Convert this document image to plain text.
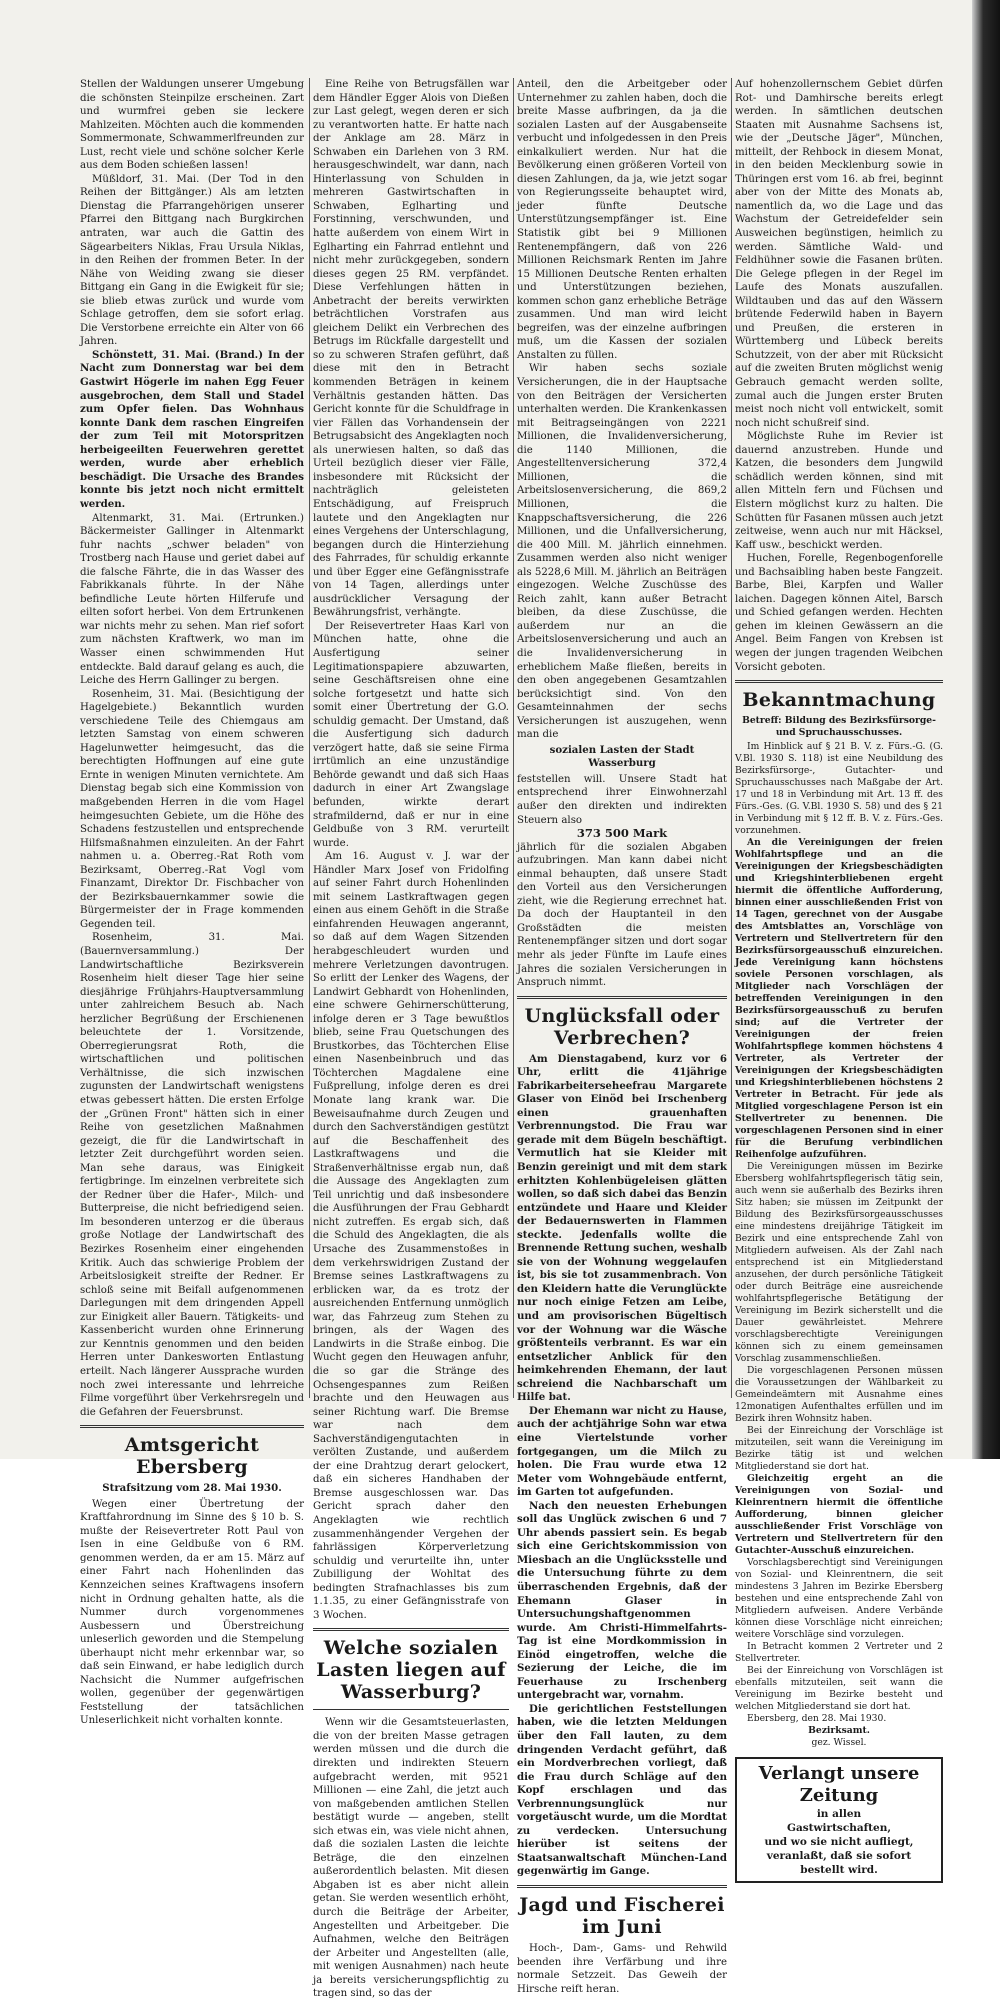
Stellen der Waldungen unserer Umgebung die schönsten Steinpilze erscheinen. Zart und wurmfrei geben sie leckere Mahlzeiten. Möchten auch die kommenden Sommermonate, Schwammerlfreunden zur Lust, recht viele und schöne solcher Kerle aus dem Boden schießen lassen!

Müßldorf, 31. Mai. (Der Tod in den Reihen der Bittgänger.) Als am letzten Dienstag die Pfarrangehörigen unserer Pfarrei den Bittgang nach Burgkirchen antraten, war auch die Gattin des Sägearbeiters Niklas, Frau Ursula Niklas, in den Reihen der frommen Beter. In der Nähe von Weiding zwang sie dieser Bittgang ein Gang in die Ewigkeit für sie; sie blieb etwas zurück und wurde vom Schlage getroffen, dem sie sofort erlag. Die Verstorbene erreichte ein Alter von 66 Jahren.

Schönstett, 31. Mai. (Brand.) In der Nacht zum Donnerstag war bei dem Gastwirt Högerle im nahen Egg Feuer ausgebrochen, dem Stall und Stadel zum Opfer fielen. Das Wohnhaus konnte Dank dem raschen Eingreifen der zum Teil mit Motorspritzen herbeigeeilten Feuerwehren gerettet werden, wurde aber erheblich beschädigt. Die Ursache des Brandes konnte bis jetzt noch nicht ermittelt werden.

Altenmarkt, 31. Mai. (Ertrunken.) Bäckermeister Gallinger in Altenmarkt fuhr nachts „schwer beladen" von Trostberg nach Hause und geriet dabei auf die falsche Fährte, die in das Wasser des Fabrikkanals führte. In der Nähe befindliche Leute hörten Hilferufe und eilten sofort herbei. Von dem Ertrunkenen war nichts mehr zu sehen. Man rief sofort zum nächsten Kraftwerk, wo man im Wasser einen schwimmenden Hut entdeckte. Bald darauf gelang es auch, die Leiche des Herrn Gallinger zu bergen.

Rosenheim, 31. Mai. (Besichtigung der Hagelgebiete.) Bekanntlich wurden verschiedene Teile des Chiemgaus am letzten Samstag von einem schweren Hagelunwetter heimgesucht, das die berechtigten Hoffnungen auf eine gute Ernte in wenigen Minuten vernichtete. Am Dienstag begab sich eine Kommission von maßgebenden Herren in die vom Hagel heimgesuchten Gebiete, um die Höhe des Schadens festzustellen und entsprechende Hilfsmaßnahmen einzuleiten. An der Fahrt nahmen u. a. Oberreg.-Rat Roth vom Bezirksamt, Oberreg.-Rat Vogl vom Finanzamt, Direktor Dr. Fischbacher von der Bezirksbauernkammer sowie die Bürgermeister der in Frage kommenden Gegenden teil.

Rosenheim, 31. Mai. (Bauernversammlung.) Der Landwirtschaftliche Bezirksverein Rosenheim hielt dieser Tage hier seine diesjährige Frühjahrs-Hauptversammlung unter zahlreichem Besuch ab. Nach herzlicher Begrüßung der Erschienenen beleuchtete der 1. Vorsitzende, Oberregierungsrat Roth, die wirtschaftlichen und politischen Verhältnisse, die sich inzwischen zugunsten der Landwirtschaft wenigstens etwas gebessert hätten. Die ersten Erfolge der „Grünen Front" hätten sich in einer Reihe von gesetzlichen Maßnahmen gezeigt, die für die Landwirtschaft in letzter Zeit durchgeführt worden seien. Man sehe daraus, was Einigkeit fertigbringe. Im einzelnen verbreitete sich der Redner über die Hafer-, Milch- und Butterpreise, die nicht befriedigend seien. Im besonderen unterzog er die überaus große Notlage der Landwirtschaft des Bezirkes Rosenheim einer eingehenden Kritik. Auch das schwierige Problem der Arbeitslosigkeit streifte der Redner. Er schloß seine mit Beifall aufgenommenen Darlegungen mit dem dringenden Appell zur Einigkeit aller Bauern. Tätigkeits- und Kassenbericht wurden ohne Erinnerung zur Kenntnis genommen und den beiden Herren unter Dankesworten Entlastung erteilt. Nach längerer Aussprache wurden noch zwei interessante und lehrreiche Filme vorgeführt über Verkehrsregeln und die Gefahren der Feuersbrunst.

Amtsgericht Ebersberg
Strafsitzung vom 28. Mai 1930.

Wegen einer Übertretung der Kraftfahrordnung im Sinne des § 10 b. S. mußte der Reisevertreter Rott Paul von Isen in eine Geldbuße von 6 RM. genommen werden, da er am 15. März auf einer Fahrt nach Hohenlinden das Kennzeichen seines Kraftwagens insofern nicht in Ordnung gehalten hatte, als die Nummer durch vorgenommenes Ausbessern und Überstreichung unleserlich geworden und die Stempelung überhaupt nicht mehr erkennbar war, so daß sein Einwand, er habe lediglich durch Nachsicht die Nummer aufgefrischen wollen, gegenüber der gegenwärtigen Feststellung der tatsächlichen Unleserlichkeit nicht vorhalten konnte.

Eine Reihe von Betrugsfällen war dem Händler Egger Alois von Dießen zur Last gelegt, wegen deren er sich zu verantworten hatte. Er hatte nach der Anklage am 28. März in Schwaben ein Darlehen von 3 RM. herausgeschwindelt, war dann, nach Hinterlassung von Schulden in mehreren Gastwirtschaften in Schwaben, Eglharting und Forstinning, verschwunden, und hatte außerdem von einem Wirt in Eglharting ein Fahrrad entlehnt und nicht mehr zurückgegeben, sondern dieses gegen 25 RM. verpfändet. Diese Verfehlungen hätten in Anbetracht der bereits verwirkten beträchtlichen Vorstrafen aus gleichem Delikt ein Verbrechen des Betrugs im Rückfalle dargestellt und so zu schweren Strafen geführt, daß diese mit den in Betracht kommenden Beträgen in keinem Verhältnis gestanden hätten. Das Gericht konnte für die Schuldfrage in vier Fällen das Vorhandensein der Betrugsabsicht des Angeklagten noch als unerwiesen halten, so daß das Urteil bezüglich dieser vier Fälle, insbesondere mit Rücksicht der nachträglich geleisteten Entschädigung, auf Freispruch lautete und den Angeklagten nur eines Vergehens der Unterschlagung, begangen durch die Hinterziehung des Fahrrades, für schuldig erkannte und über Egger eine Gefängnisstrafe von 14 Tagen, allerdings unter ausdrücklicher Versagung der Bewährungsfrist, verhängte.

Der Reisevertreter Haas Karl von München hatte, ohne die Ausfertigung seiner Legitimationspapiere abzuwarten, seine Geschäftsreisen ohne eine solche fortgesetzt und hatte sich somit einer Übertretung der G.O. schuldig gemacht. Der Umstand, daß die Ausfertigung sich dadurch verzögert hatte, daß sie seine Firma irrtümlich an eine unzuständige Behörde gewandt und daß sich Haas dadurch in einer Art Zwangslage befunden, wirkte derart strafmildernd, daß er nur in eine Geldbuße von 3 RM. verurteilt wurde.

Am 16. August v. J. war der Händler Marx Josef von Fridolfing auf seiner Fahrt durch Hohenlinden mit seinem Lastkraftwagen gegen einen aus einem Gehöft in die Straße einfahrenden Heuwagen angerannt, so daß auf dem Wagen Sitzenden herabgeschleudert wurden und mehrere Verletzungen davontrugen. So erlitt der Lenker des Wagens, der Landwirt Gebhardt von Hohenlinden, eine schwere Gehirnerschütterung, infolge deren er 3 Tage bewußtlos blieb, seine Frau Quetschungen des Brustkorbes, das Töchterchen Elise einen Nasenbeinbruch und das Töchterchen Magdalene eine Fußprellung, infolge deren es drei Monate lang krank war. Die Beweisaufnahme durch Zeugen und durch den Sachverständigen gestützt auf die Beschaffenheit des Lastkraftwagens und die Straßenverhältnisse ergab nun, daß die Aussage des Angeklagten zum Teil unrichtig und daß insbesondere die Ausführungen der Frau Gebhardt nicht zutreffen. Es ergab sich, daß die Schuld des Angeklagten, die als Ursache des Zusammenstoßes in dem verkehrswidrigen Zustand der Bremse seines Lastkraftwagens zu erblicken war, da es trotz der ausreichenden Entfernung unmöglich war, das Fahrzeug zum Stehen zu bringen, als der Wagen des Landwirts in die Straße einbog. Die Wucht gegen den Heuwagen anfuhr, die so gar die Stränge des Ochsengespannes zum Reißen brachte und den Heuwagen aus seiner Richtung warf. Die Bremse war nach dem Sachverständigengutachten in verölten Zustande, und außerdem der eine Drahtzug derart gelockert, daß ein sicheres Handhaben der Bremse ausgeschlossen war. Das Gericht sprach daher den Angeklagten wie rechtlich zusammenhängender Vergehen der fahrlässigen Körperverletzung schuldig und verurteilte ihn, unter Zubilligung der Wohltat des bedingten Strafnachlasses bis zum 1.1.35, zu einer Gefängnisstrafe von 3 Wochen.

Welche sozialen Lasten liegen auf Wasserburg?

Wenn wir die Gesamtsteuerlasten, die von der breiten Masse getragen werden müssen und die durch die direkten und indirekten Steuern aufgebracht werden, mit 9521 Millionen — eine Zahl, die jetzt auch von maßgebenden amtlichen Stellen bestätigt wurde — angeben, stellt sich etwas ein, was viele nicht ahnen, daß die sozialen Lasten die leichte Beträge, die den einzelnen außerordentlich belasten. Mit diesen Abgaben ist es aber nicht allein getan. Sie werden wesentlich erhöht, durch die Beiträge der Arbeiter, Angestellten und Arbeitgeber. Die Aufnahmen, welche den Beiträgen der Arbeiter und Angestellten (alle, mit wenigen Ausnahmen) nach heute ja bereits versicherungspflichtig zu tragen sind, so das der

Anteil, den die Arbeitgeber oder Unternehmer zu zahlen haben, doch die breite Masse aufbringen, da ja die sozialen Lasten auf der Ausgabenseite verbucht und infolgedessen in den Preis einkalkuliert werden. Nur hat die Bevölkerung einen größeren Vorteil von diesen Zahlungen, da ja, wie jetzt sogar von Regierungsseite behauptet wird, jeder fünfte Deutsche Unterstützungsempfänger ist. Eine Statistik gibt bei 9 Millionen Rentenempfängern, daß von 226 Millionen Reichsmark Renten im Jahre 15 Millionen Deutsche Renten erhalten und Unterstützungen beziehen, kommen schon ganz erhebliche Beträge zusammen. Und man wird leicht begreifen, was der einzelne aufbringen muß, um die Kassen der sozialen Anstalten zu füllen.

Wir haben sechs soziale Versicherungen, die in der Hauptsache von den Beiträgen der Versicherten unterhalten werden. Die Krankenkassen mit Beitragseingängen von 2221 Millionen, die Invalidenversicherung, die 1140 Millionen, die Angestelltenversicherung 372,4 Millionen, die Arbeitslosenversicherung, die 869,2 Millionen, die Knappschaftsversicherung, die 226 Millionen, und die Unfallversicherung, die 400 Mill. M. jährlich einnehmen. Zusammen werden also nicht weniger als 5228,6 Mill. M. jährlich an Beiträgen eingezogen. Welche Zuschüsse des Reich zahlt, kann außer Betracht bleiben, da diese Zuschüsse, die außerdem nur an die Arbeitslosenversicherung und auch an die Invalidenversicherung in erheblichem Maße fließen, bereits in den oben angegebenen Gesamtzahlen berücksichtigt sind. Von den Gesamteinnahmen der sechs Versicherungen ist auszugehen, wenn man die

sozialen Lasten der Stadt Wasserburg

feststellen will. Unsere Stadt hat entsprechend ihrer Einwohnerzahl außer den direkten und indirekten Steuern also

373 500 Mark

jährlich für die sozialen Abgaben aufzubringen. Man kann dabei nicht einmal behaupten, daß unsere Stadt den Vorteil aus den Versicherungen zieht, wie die Regierung errechnet hat. Da doch der Hauptanteil in den Großstädten die meisten Rentenempfänger sitzen und dort sogar mehr als jeder Fünfte im Laufe eines Jahres die sozialen Versicherungen in Anspruch nimmt.

Unglücksfall oder Verbrechen?

Am Dienstagabend, kurz vor 6 Uhr, erlitt die 41jährige Fabrikarbeiterseheefrau Margarete Glaser von Einöd bei Irschenberg einen grauenhaften Verbrennungstod. Die Frau war gerade mit dem Bügeln beschäftigt. Vermutlich hat sie Kleider mit Benzin gereinigt und mit dem stark erhitzten Kohlenbügeleisen glätten wollen, so daß sich dabei das Benzin entzündete und Haare und Kleider der Bedauernswerten in Flammen steckte. Jedenfalls wollte die Brennende Rettung suchen, weshalb sie von der Wohnung weggelaufen ist, bis sie tot zusammenbrach. Von den Kleidern hatte die Verunglückte nur noch einige Fetzen am Leibe, und am provisorischen Bügeltisch vor der Wohnung war die Wäsche größtenteils verbrannt. Es war ein entsetzlicher Anblick für den heimkehrenden Ehemann, der laut schreiend die Nachbarschaft um Hilfe bat.

Der Ehemann war nicht zu Hause, auch der achtjährige Sohn war etwa eine Viertelstunde vorher fortgegangen, um die Milch zu holen. Die Frau wurde etwa 12 Meter vom Wohngebäude entfernt, im Garten tot aufgefunden.

Nach den neuesten Erhebungen soll das Unglück zwischen 6 und 7 Uhr abends passiert sein. Es begab sich eine Gerichtskommission von Miesbach an die Unglücksstelle und die Untersuchung führte zu dem überraschenden Ergebnis, daß der Ehemann Glaser in Untersuchungshaftgenommen wurde. Am Christi-Himmelfahrts-Tag ist eine Mordkommission in Einöd eingetroffen, welche die Sezierung der Leiche, die im Feuerhause zu Irschenberg untergebracht war, vornahm.

Die gerichtlichen Feststellungen haben, wie die letzten Meldungen über den Fall lauten, zu dem dringenden Verdacht geführt, daß ein Mordverbrechen vorliegt, daß die Frau durch Schläge auf den Kopf erschlagen und das Verbrennungsunglück nur vorgetäuscht wurde, um die Mordtat zu verdecken. Untersuchung hierüber ist seitens der Staatsanwaltschaft München-Land gegenwärtig im Gange.

Jagd und Fischerei im Juni

Hoch-, Dam-, Gams- und Rehwild beenden ihre Verfärbung und ihre normale Setzzeit. Das Geweih der Hirsche reift heran.

Auf hohenzollernschem Gebiet dürfen Rot- und Damhirsche bereits erlegt werden. In sämtlichen deutschen Staaten mit Ausnahme Sachsens ist, wie der „Deutsche Jäger", München, mitteilt, der Rehbock in diesem Monat, in den beiden Mecklenburg sowie in Thüringen erst vom 16. ab frei, beginnt aber von der Mitte des Monats ab, namentlich da, wo die Lage und das Wachstum der Getreidefelder sein Ausweichen begünstigen, heimlich zu werden. Sämtliche Wald- und Feldhühner sowie die Fasanen brüten. Die Gelege pflegen in der Regel im Laufe des Monats auszufallen. Wildtauben und das auf den Wässern brütende Federwild haben in Bayern und Preußen, die ersteren in Württemberg und Lübeck bereits Schutzzeit, von der aber mit Rücksicht auf die zweiten Bruten möglichst wenig Gebrauch gemacht werden sollte, zumal auch die Jungen erster Bruten meist noch nicht voll entwickelt, somit noch nicht schußreif sind.

Möglichste Ruhe im Revier ist dauernd anzustreben. Hunde und Katzen, die besonders dem Jungwild schädlich werden können, sind mit allen Mitteln fern und Füchsen und Elstern möglichst kurz zu halten. Die Schütten für Fasanen müssen auch jetzt zeitweise, wenn auch nur mit Häcksel, Kaff usw., beschickt werden.

Huchen, Forelle, Regenbogenforelle und Bachsaibling haben beste Fangzeit. Barbe, Blei, Karpfen und Waller laichen. Dagegen können Aitel, Barsch und Schied gefangen werden. Hechten gehen im kleinen Gewässern an die Angel. Beim Fangen von Krebsen ist wegen der jungen tragenden Weibchen Vorsicht geboten.

Bekanntmachung
Betreff: Bildung des Bezirksfürsorge- und Spruchausschusses.

Im Hinblick auf § 21 B. V. z. Fürs.-G. (G. V.Bl. 1930 S. 118) ist eine Neubildung des Bezirksfürsorge-, Gutachter- und Spruchausschusses nach Maßgabe der Art. 17 und 18 in Verbindung mit Art. 13 ff. des Fürs.-Ges. (G. V.Bl. 1930 S. 58) und des § 21 in Verbindung mit § 12 ff. B. V. z. Fürs.-Ges. vorzunehmen.

An die Vereinigungen der freien Wohlfahrtspflege und an die Vereinigungen der Kriegsbeschädigten und Kriegshinterbliebenen ergeht hiermit die öffentliche Aufforderung, binnen einer ausschließenden Frist von 14 Tagen, gerechnet von der Ausgabe des Amtsblattes an, Vorschläge von Vertretern und Stellvertretern für den Bezirksfürsorgeausschuß einzureichen. Jede Vereinigung kann höchstens soviele Personen vorschlagen, als Mitglieder nach Vorschlägen der betreffenden Vereinigungen in den Bezirksfürsorgeausschuß zu berufen sind; auf die Vertreter der Vereinigungen der freien Wohlfahrtspflege kommen höchstens 4 Vertreter, als Vertreter der Vereinigungen der Kriegsbeschädigten und Kriegshinterbliebenen höchstens 2 Vertreter in Betracht. Für jede als Mitglied vorgeschlagene Person ist ein Stellvertreter zu benennen. Die vorgeschlagenen Personen sind in einer für die Berufung verbindlichen Reihenfolge aufzuführen.

Die Vereinigungen müssen im Bezirke Ebersberg wohlfahrtspflegerisch tätig sein, auch wenn sie außerhalb des Bezirks ihren Sitz haben; sie müssen im Zeitpunkt der Bildung des Bezirksfürsorgeausschusses eine mindestens dreijährige Tätigkeit im Bezirk und eine entsprechende Zahl von Mitgliedern aufweisen. Als der Zahl nach entsprechend ist ein Mitgliederstand anzusehen, der durch persönliche Tätigkeit oder durch Beiträge eine ausreichende wohlfahrtspflegerische Betätigung der Vereinigung im Bezirk sicherstellt und die Dauer gewährleistet. Mehrere vorschlagsberechtigte Vereinigungen können sich zu einem gemeinsamen Vorschlag zusammenschließen.

Die vorgeschlagenen Personen müssen die Voraussetzungen der Wählbarkeit zu Gemeindeämtern mit Ausnahme eines 12monatigen Aufenthaltes erfüllen und im Bezirk ihren Wohnsitz haben.

Bei der Einreichung der Vorschläge ist mitzuteilen, seit wann die Vereinigung im Bezirke tätig ist und welchen Mitgliederstand sie dort hat.

Gleichzeitig ergeht an die Vereinigungen von Sozial- und Kleinrentnern hiermit die öffentliche Aufforderung, binnen gleicher ausschließender Frist Vorschläge von Vertretern und Stellvertretern für den Gutachter-Ausschuß einzureichen.

Vorschlagsberechtigt sind Vereinigungen von Sozial- und Kleinrentnern, die seit mindestens 3 Jahren im Bezirke Ebersberg bestehen und eine entsprechende Zahl von Mitgliedern aufweisen. Andere Verbände können diese Vorschläge nicht einreichen; weitere Vorschläge sind vorzulegen.

In Betracht kommen 2 Vertreter und 2 Stellvertreter.

Bei der Einreichung von Vorschlägen ist ebenfalls mitzuteilen, seit wann die Vereinigung im Bezirke besteht und welchen Mitgliederstand sie dort hat.

Ebersberg, den 28. Mai 1930.

Bezirksamt.
gez. Wissel.
Verlangt unsere Zeitung
in allen
Gastwirtschaften,
und wo sie nicht aufliegt,
veranlaßt, daß sie sofort bestellt wird.
